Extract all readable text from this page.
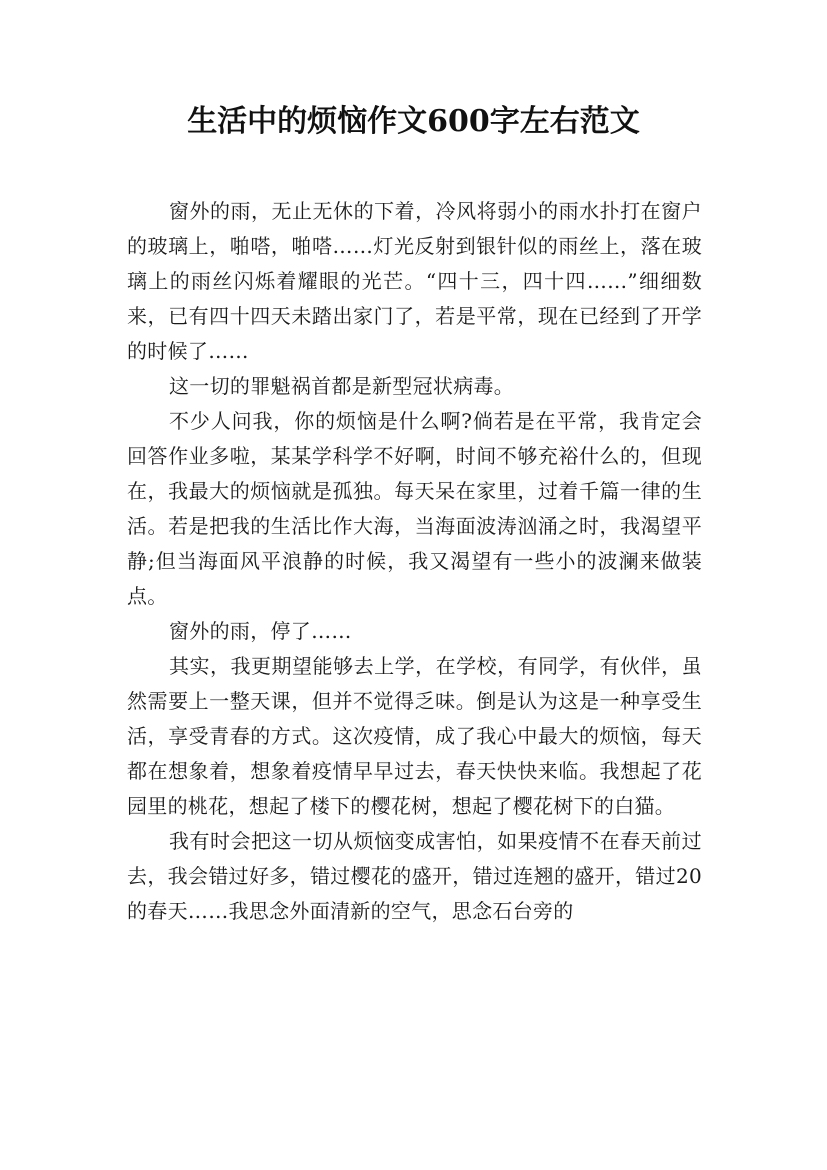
生活中的烦恼作文600字左右范文

窗外的雨，无止无休的下着，冷风将弱小的雨水扑打在窗户的玻璃上，啪嗒，啪嗒……灯光反射到银针似的雨丝上，落在玻璃上的雨丝闪烁着耀眼的光芒。“四十三，四十四……”细细数来，已有四十四天未踏出家门了，若是平常，现在已经到了开学的时候了……

这一切的罪魁祸首都是新型冠状病毒。

不少人问我，你的烦恼是什么啊?倘若是在平常，我肯定会回答作业多啦，某某学科学不好啊，时间不够充裕什么的，但现在，我最大的烦恼就是孤独。每天呆在家里，过着千篇一律的生活。若是把我的生活比作大海，当海面波涛汹涌之时，我渴望平静;但当海面风平浪静的时候，我又渴望有一些小的波澜来做装点。

窗外的雨，停了……

其实，我更期望能够去上学，在学校，有同学，有伙伴，虽然需要上一整天课，但并不觉得乏味。倒是认为这是一种享受生活，享受青春的方式。这次疫情，成了我心中最大的烦恼，每天都在想象着，想象着疫情早早过去，春天快快来临。我想起了花园里的桃花，想起了楼下的樱花树，想起了樱花树下的白猫。

我有时会把这一切从烦恼变成害怕，如果疫情不在春天前过去，我会错过好多，错过樱花的盛开，错过连翘的盛开，错过20的春天……我思念外面清新的空气，思念石台旁的
